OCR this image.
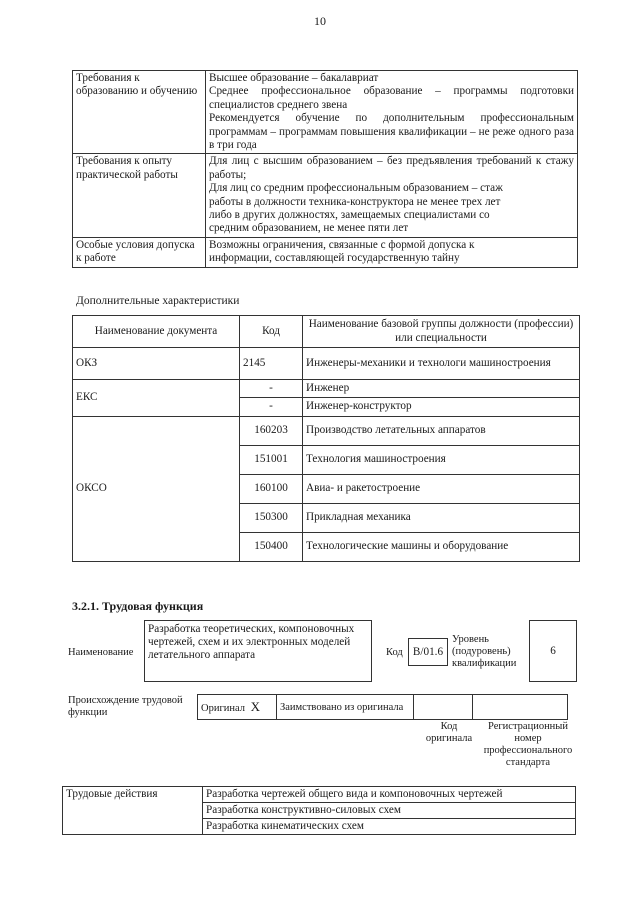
10
Требования к образованию и обучению	Высшее образование – бакалавриат
Среднее профессиональное образование – программы подготовки специалистов среднего звена
Рекомендуется обучение по дополнительным профессиональным программам – программам повышения квалификации – не реже одного раза в три года

Требования к опыту практической работы	Для лиц с высшим образованием – без предъявления требований к стажу работы;
Для лиц со средним профессиональным образованием – стаж работы в должности техника-конструктора не менее трех лет либо в других должностях, замещаемых специалистами со средним образованием, не менее пяти лет

Особые условия допуска к работе	Возможны ограничения, связанные с формой допуска к информации, составляющей государственную тайну
Дополнительные характеристики
Наименование документа	Код	Наименование базовой группы должности (профессии) или специальности
ОКЗ	2145	Инженеры-механики и технологи машиностроения
ЕКС	-	Инженер
	-	Инженер-конструктор
ОКСО	160203	Производство летательных аппаратов
	151001	Технология машиностроения
	160100	Авиа- и ракетостроение
	150300	Прикладная механика
	150400	Технологические машины и оборудование
3.2.1. Трудовая функция
Наименование
Разработка теоретических, компоновочных чертежей, схем и их электронных моделей летательного аппарата	Код B/01.6
Уровень (подуровень) квалификации
6
Происхождение трудовой функции	Оригинал X	Заимствовано из оригинала		
Код оригинала
Регистрационный номер профессионального стандарта
Трудовые действия	Разработка чертежей общего вида и компоновочных чертежей
Разработка конструктивно-силовых схем
Разработка кинематических схем
